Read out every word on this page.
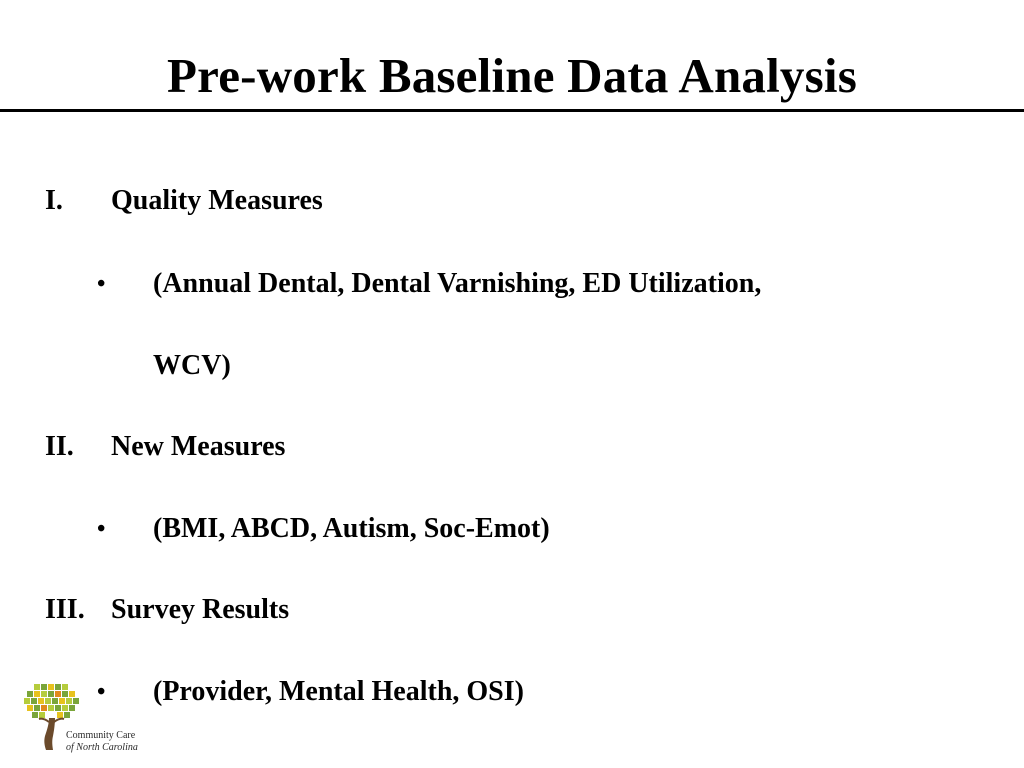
Pre-work Baseline Data Analysis
I. Quality Measures
• (Annual Dental, Dental Varnishing, ED Utilization,
WCV)
II. New Measures
• (BMI, ABCD, Autism, Soc-Emot)
III. Survey Results
• (Provider, Mental Health, OSI)
Community Care
of North Carolina
